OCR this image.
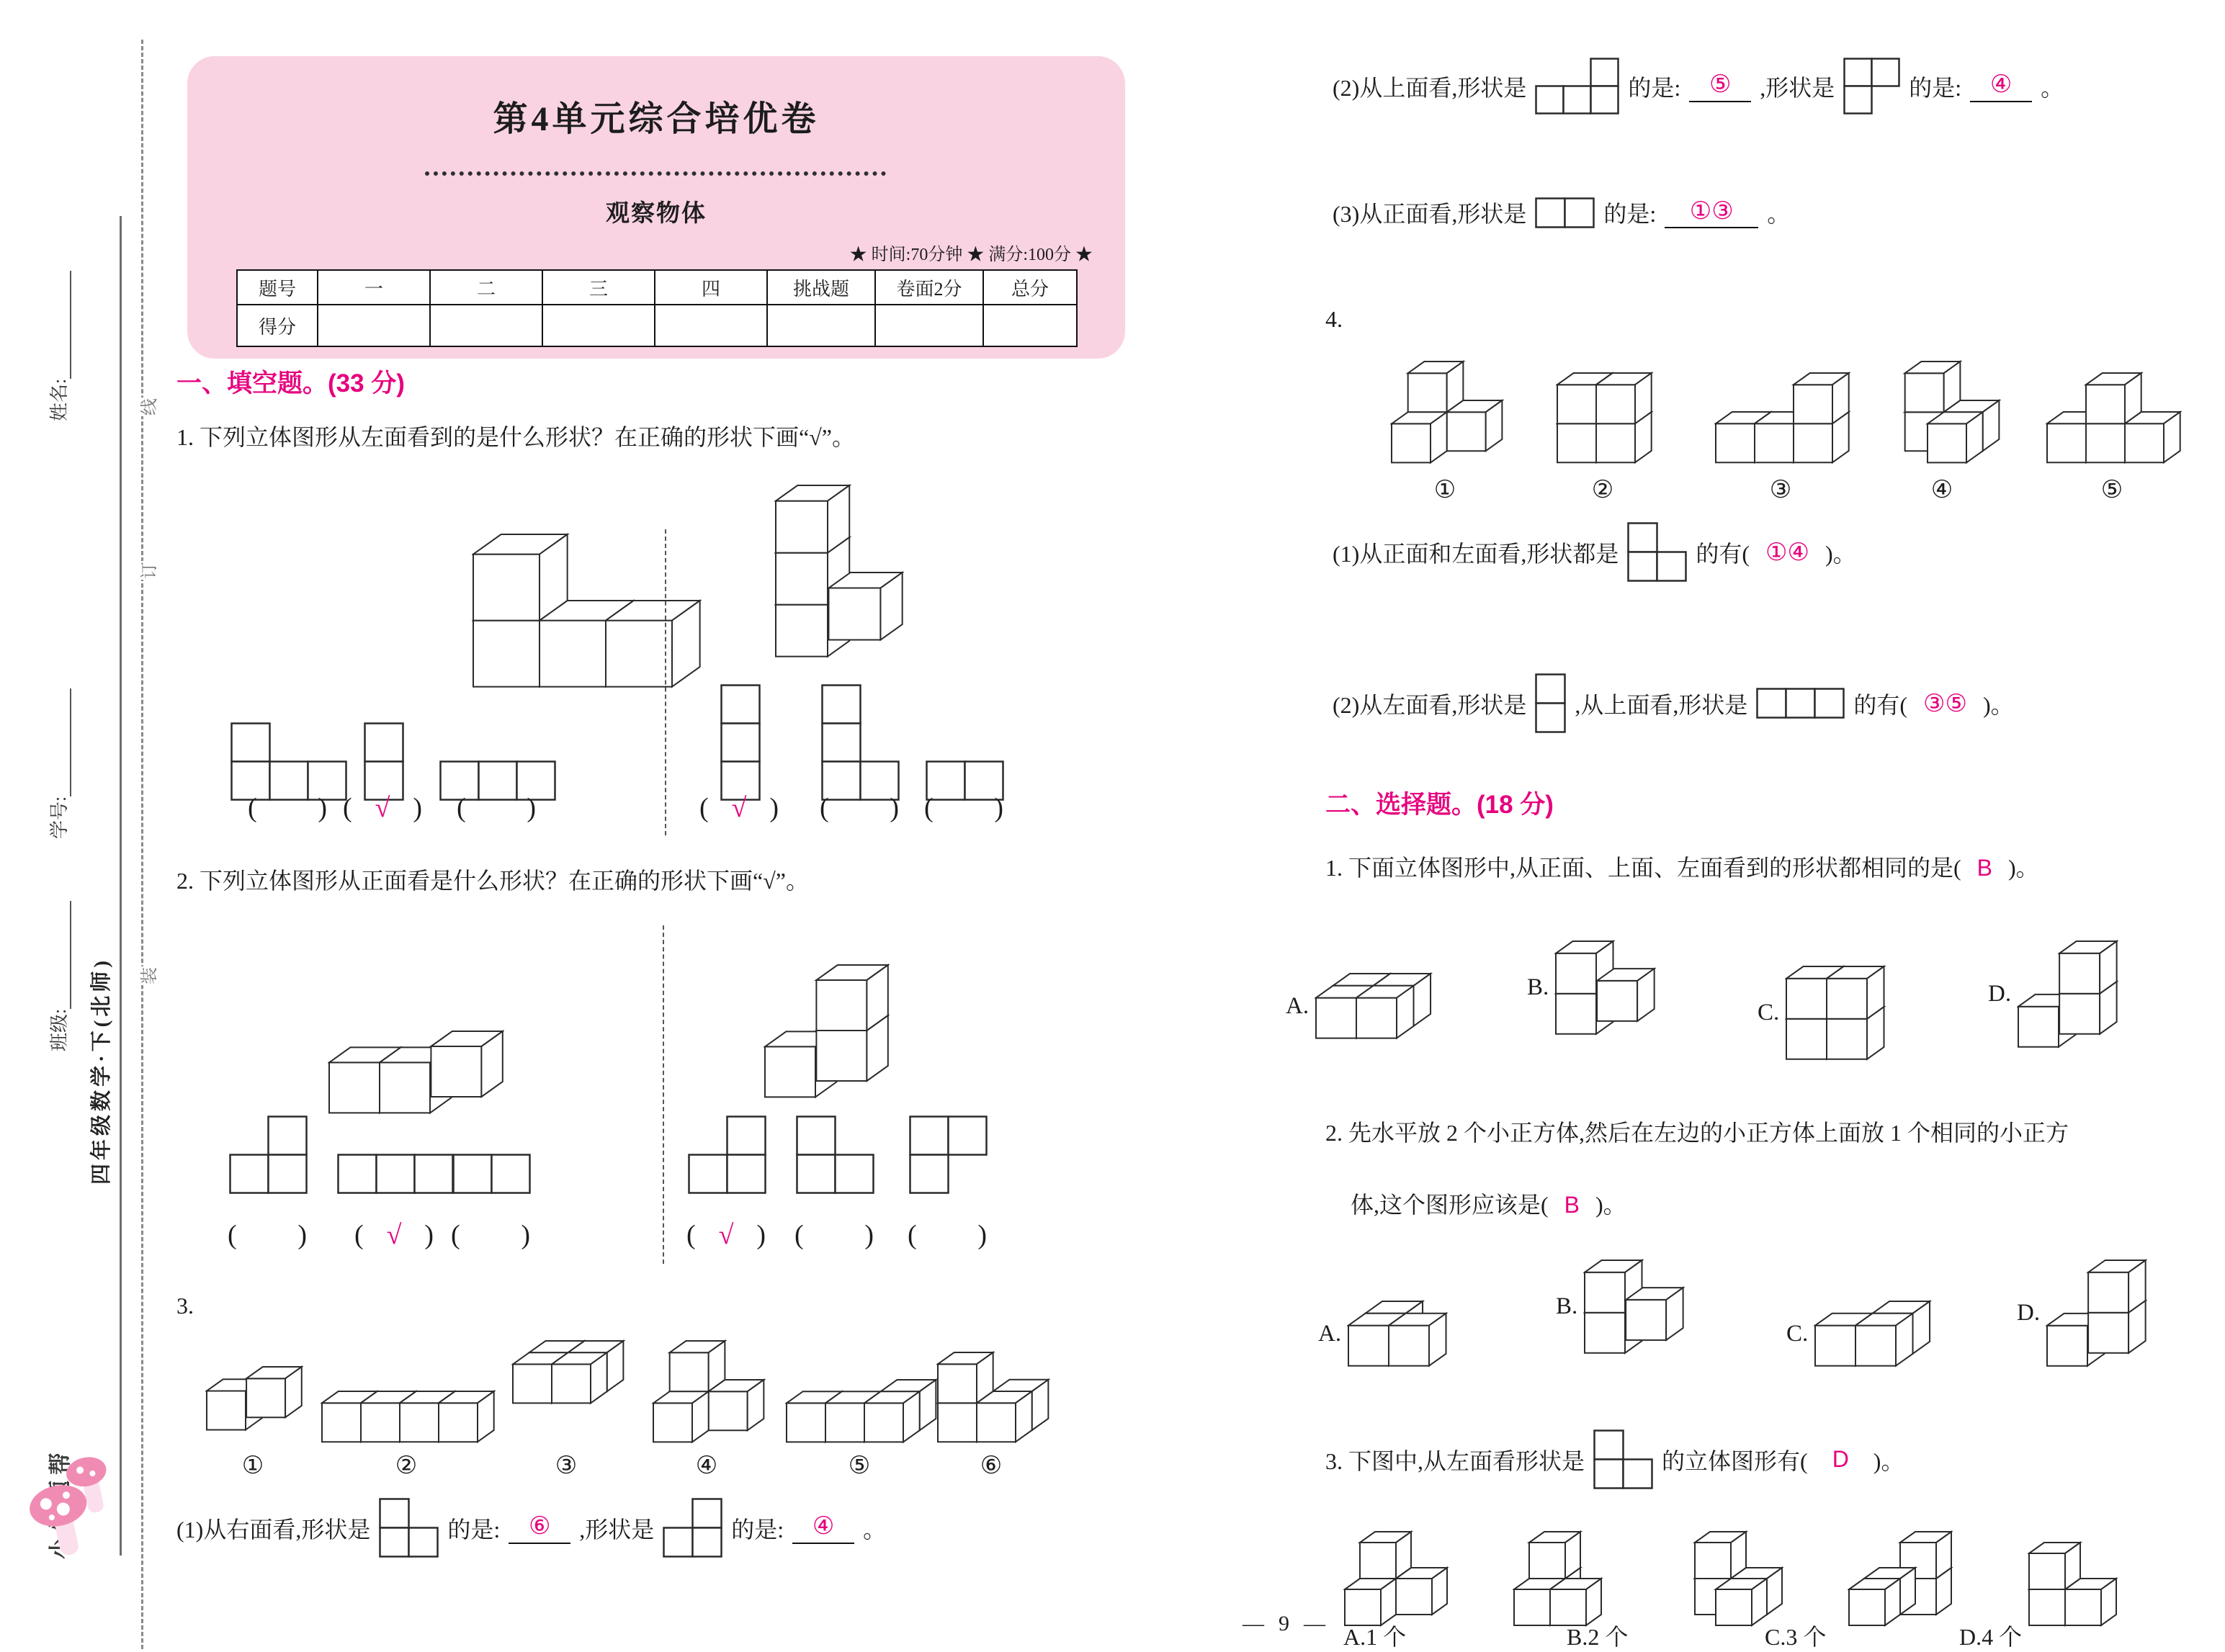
姓名:
学号:
班级: 四年级数学·下(北师)
线
订
装
第4单元综合培优卷
观察物体
★ 时间:70分钟 ★ 满分:100分 ★
题号	一	二	三	四	挑战题	卷面2分	总分
得分							
一、填空题。(33 分)
1. 下列立体图形从左面看到的是什么形状？在正确的形状下画“√”。
( ) ( √ ) ( )	( √ ) ( ) ( )
2. 下列立体图形从正面看是什么形状？在正确的形状下画“√”。
( ) ( √ ) ( )	( √ ) ( ) ( )
3.
①	②	③	④	⑤	⑥
(1)从右面看,形状是	的是:	⑥	,形状是	的是:	④	。
(2)从上面看,形状是	的是:	⑤	,形状是	的是:	④	。
(3)从正面看,形状是	的是:	①③	。
4.
①	②	③	④	⑤
(1)从正面和左面看,形状都是	的有( ①④ )。
(2)从左面看,形状是 ,从上面看,形状是	的有( ③⑤ )。
二、选择题。(18 分)
1. 下面立体图形中,从正面、上面、左面看到的形状都相同的是( B )。
A.
B.
C.
D.
2. 先水平放 2 个小正方体,然后在左边的小正方体上面放 1 个相同的小正方
体,这个图形应该是( B )。
A.
B.
C.
D.
3. 下图中,从左面看形状是	的立体图形有(	D	)。
A.1 个	B.2 个	C.3 个	D.4 个
— 9 —
